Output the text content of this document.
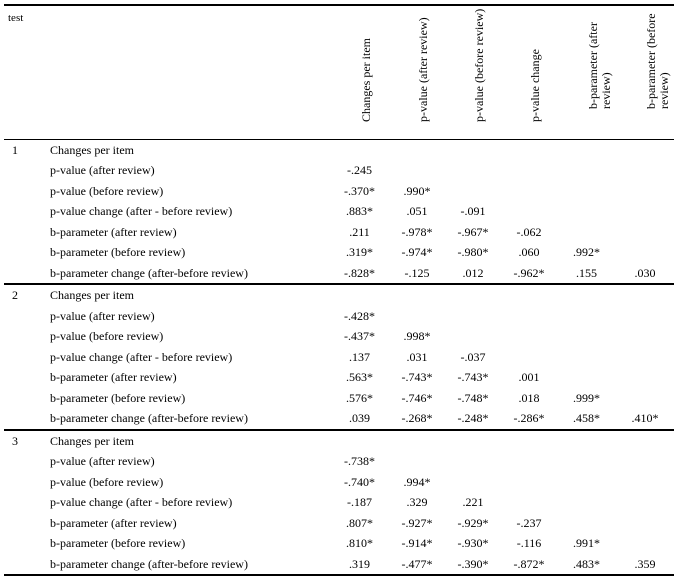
test		Changes per item	p-value (after review)	p-value (before review)	p-value change	b-parameter (after review)	b-parameter (before review)

1	Changes per item						
	p-value (after review)	-.245					
	p-value (before review)	-.370*	.990*				
	p-value change (after - before review)	.883*	.051	-.091			
	b-parameter (after review)	.211	-.978*	-.967*	-.062		
	b-parameter (before review)	.319*	-.974*	-.980*	.060	.992*	
	b-parameter change (after-before review)	-.828*	-.125	.012	-.962*	.155	.030
2	Changes per item						
	p-value (after review)	-.428*					
	p-value (before review)	-.437*	.998*				
	p-value change (after - before review)	.137	.031	-.037			
	b-parameter (after review)	.563*	-.743*	-.743*	.001		
	b-parameter (before review)	.576*	-.746*	-.748*	.018	.999*	
	b-parameter change (after-before review)	.039	-.268*	-.248*	-.286*	.458*	.410*
3	Changes per item						
	p-value (after review)	-.738*					
	p-value (before review)	-.740*	.994*				
	p-value change (after - before review)	-.187	.329	.221			
	b-parameter (after review)	.807*	-.927*	-.929*	-.237		
	b-parameter (before review)	.810*	-.914*	-.930*	-.116	.991*	
	b-parameter change (after-before review)	.319	-.477*	-.390*	-.872*	.483*	.359
